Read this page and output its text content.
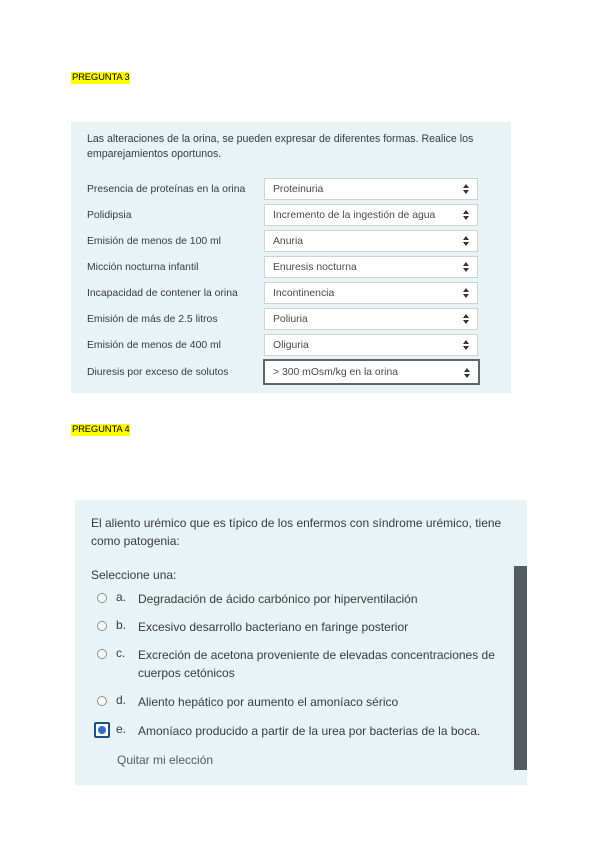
PREGUNTA 3
Las alteraciones de la orina, se pueden expresar de diferentes formas. Realice los emparejamientos oportunos.
Presencia de proteínas en la orina	Proteinuria
Polidipsia	Incremento de la ingestión de agua
Emisión de menos de 100 ml	Anuria
Micción nocturna infantil	Enuresis nocturna
Incapacidad de contener la orina	Incontinencia
Emisión de más de 2.5 litros	Poliuria
Emisión de menos de 400 ml	Oliguria
Diuresis por exceso de solutos	> 300 mOsm/kg en la orina
PREGUNTA 4
El aliento urémico que es típico de los enfermos con síndrome urémico, tiene como patogenia:
Seleccione una:
a. Degradación de ácido carbónico por hiperventilación
b. Excesivo desarrollo bacteriano en faringe posterior
c. Excreción de acetona proveniente de elevadas concentraciones de cuerpos cetónicos
d. Aliento hepático por aumento el amoníaco sérico
e. Amoníaco producido a partir de la urea por bacterias de la boca.
Quitar mi elección
